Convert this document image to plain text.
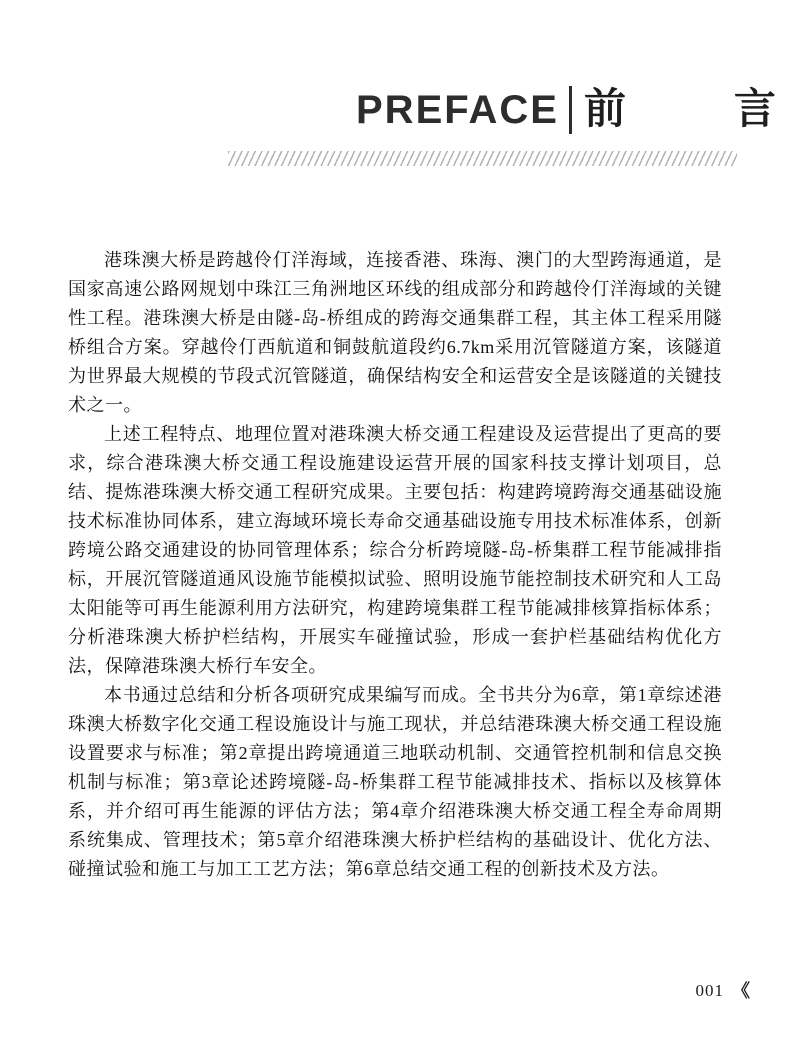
PREFACE 前	言

港珠澳大桥是跨越伶仃洋海域，连接香港、珠海、澳门的大型跨海通道，是国家高速公路网规划中珠江三角洲地区环线的组成部分和跨越伶仃洋海域的关键性工程。港珠澳大桥是由隧-岛-桥组成的跨海交通集群工程，其主体工程采用隧桥组合方案。穿越伶仃西航道和铜鼓航道段约6.7km采用沉管隧道方案，该隧道为世界最大规模的节段式沉管隧道，确保结构安全和运营安全是该隧道的关键技术之一。

上述工程特点、地理位置对港珠澳大桥交通工程建设及运营提出了更高的要求，综合港珠澳大桥交通工程设施建设运营开展的国家科技支撑计划项目，总结、提炼港珠澳大桥交通工程研究成果。主要包括：构建跨境跨海交通基础设施技术标准协同体系，建立海域环境长寿命交通基础设施专用技术标准体系，创新跨境公路交通建设的协同管理体系；综合分析跨境隧-岛-桥集群工程节能减排指标，开展沉管隧道通风设施节能模拟试验、照明设施节能控制技术研究和人工岛太阳能等可再生能源利用方法研究，构建跨境集群工程节能减排核算指标体系；分析港珠澳大桥护栏结构，开展实车碰撞试验，形成一套护栏基础结构优化方法，保障港珠澳大桥行车安全。

本书通过总结和分析各项研究成果编写而成。全书共分为6章，第1章综述港珠澳大桥数字化交通工程设施设计与施工现状，并总结港珠澳大桥交通工程设施设置要求与标准；第2章提出跨境通道三地联动机制、交通管控机制和信息交换机制与标准；第3章论述跨境隧-岛-桥集群工程节能减排技术、指标以及核算体系，并介绍可再生能源的评估方法；第4章介绍港珠澳大桥交通工程全寿命周期系统集成、管理技术；第5章介绍港珠澳大桥护栏结构的基础设计、优化方法、碰撞试验和施工与加工工艺方法；第6章总结交通工程的创新技术及方法。

001 《
